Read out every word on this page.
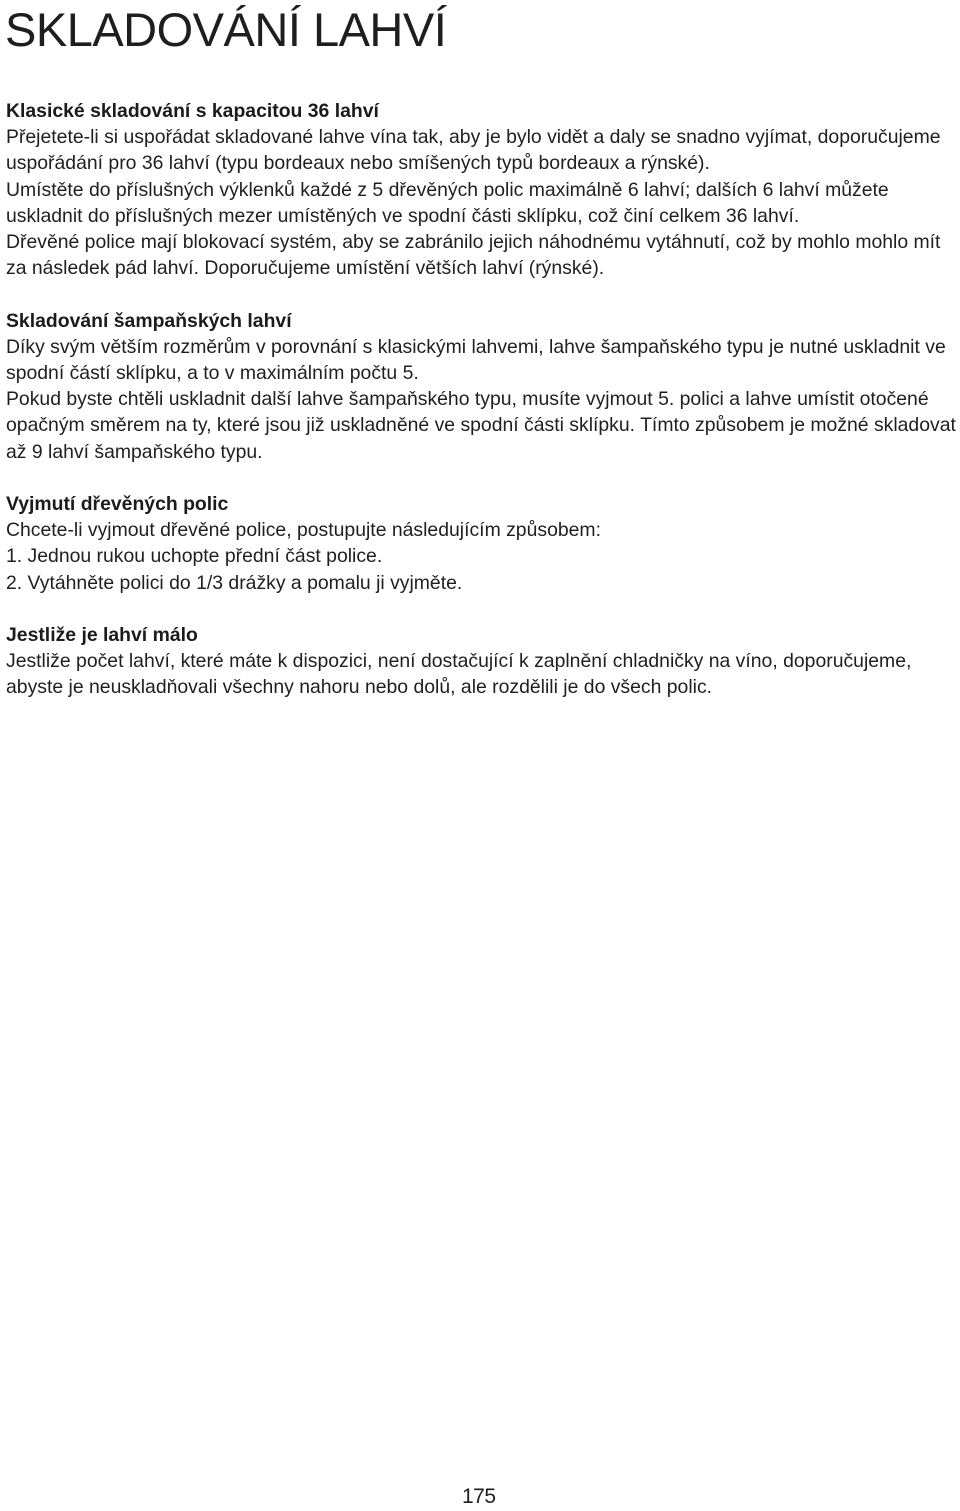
SKLADOVÁNÍ LAHVÍ

Klasické skladování s kapacitou 36 lahví

Přejetete-li si uspořádat skladované lahve vína tak, aby je bylo vidět a daly se snadno vyjímat, doporučujeme uspořádání pro 36 lahví (typu bordeaux nebo smíšených typů bordeaux a rýnské).

Umístěte do příslušných výklenků každé z 5 dřevěných polic maximálně 6 lahví; dalších 6 lahví můžete uskladnit do příslušných mezer umístěných ve spodní části sklípku, což činí celkem 36 lahví.

Dřevěné police mají blokovací systém, aby se zabránilo jejich náhodnému vytáhnutí, což by mohlo mohlo mít za následek pád lahví. Doporučujeme umístění větších lahví (rýnské).

Skladování šampaňských lahví

Díky svým větším rozměrům v porovnání s klasickými lahvemi, lahve šampaňského typu je nutné uskladnit ve spodní částí sklípku, a to v maximálním počtu 5.

Pokud byste chtěli uskladnit další lahve šampaňského typu, musíte vyjmout 5. polici a lahve umístit otočené opačným směrem na ty, které jsou již uskladněné ve spodní části sklípku. Tímto způsobem je možné skladovat až 9 lahví šampaňského typu.

Vyjmutí dřevěných polic

Chcete-li vyjmout dřevěné police, postupujte následujícím způsobem:

1. Jednou rukou uchopte přední část police.

2. Vytáhněte polici do 1/3 drážky a pomalu ji vyjměte.

Jestliže je lahví málo

Jestliže počet lahví, které máte k dispozici, není dostačující k zaplnění chladničky na víno, doporučujeme, abyste je neuskladňovali všechny nahoru nebo dolů, ale rozdělili je do všech polic.

175
